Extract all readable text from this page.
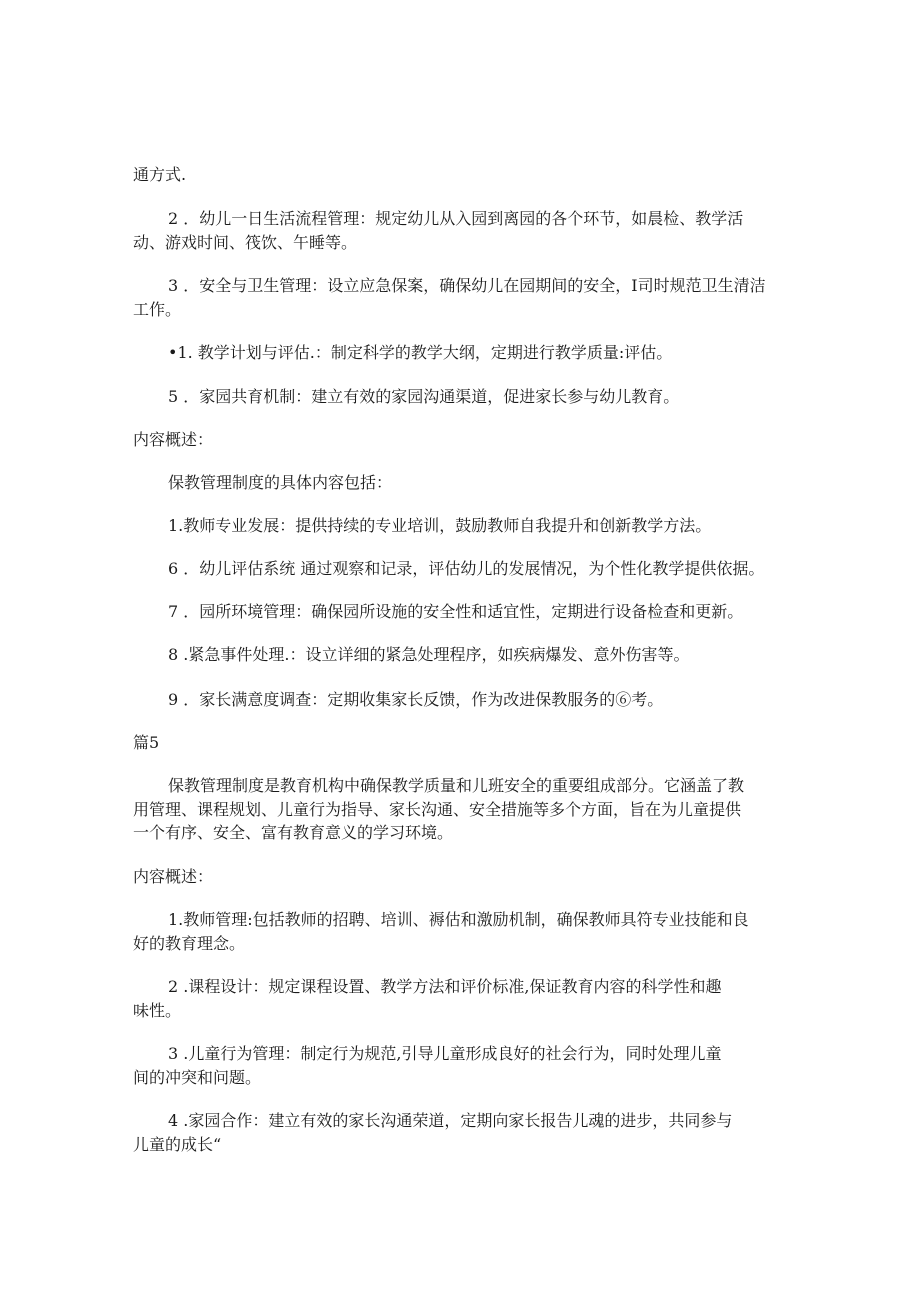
通方式.

2 ．幼儿一日生活流程管理：规定幼儿从入园到离园的各个环节，如晨检、教学活

动、游戏时间、筏饮、午睡等。

3 ．安全与卫生管理：设立应急保案，确保幼儿在园期间的安全，I司时规范卫生清洁

工作。

•1. 教学计划与评估.：制定科学的教学大纲，定期进行教学质量:评估。

5 ．家园共育机制：建立有效的家园沟通渠道，促进家长参与幼儿教育。

内容概述：

保教管理制度的具体内容包括：

1.教师专业发展：提供持续的专业培训，鼓励教师自我提升和创新教学方法。

6 ．幼儿评估系统 通过观察和记录，评估幼儿的发展情况，为个性化教学提供依据。

7 ．园所环境管理：确保园所设施的安全性和适宜性，定期进行设备检查和更新。

8 .紧急事件处理.：设立详细的紧急处理程序，如疾病爆发、意外伤害等。

9 ．家长满意度调查：定期收集家长反馈，作为改进保教服务的⑥考。

篇5

保教管理制度是教育机构中确保教学质量和儿班安全的重要组成部分。它涵盖了教

用管理、课程规划、儿童行为指导、家长沟通、安全措施等多个方面，旨在为儿童提供

一个有序、安全、富有教育意义的学习环境。

内容概述：

1.教师管理:包括教师的招聘、培训、褥估和激励机制，确保教师具符专业技能和良

好的教育理念。

2 .课程设计：规定课程设置、教学方法和评价标准,保证教育内容的科学性和趣

味性。

3 .儿童行为管理：制定行为规范,引导儿童形成良好的社会行为，同时处理儿童

间的冲突和问题。

4 .家园合作：建立有效的家长沟通荣道，定期向家长报告儿魂的进步，共同参与

儿童的成长“
